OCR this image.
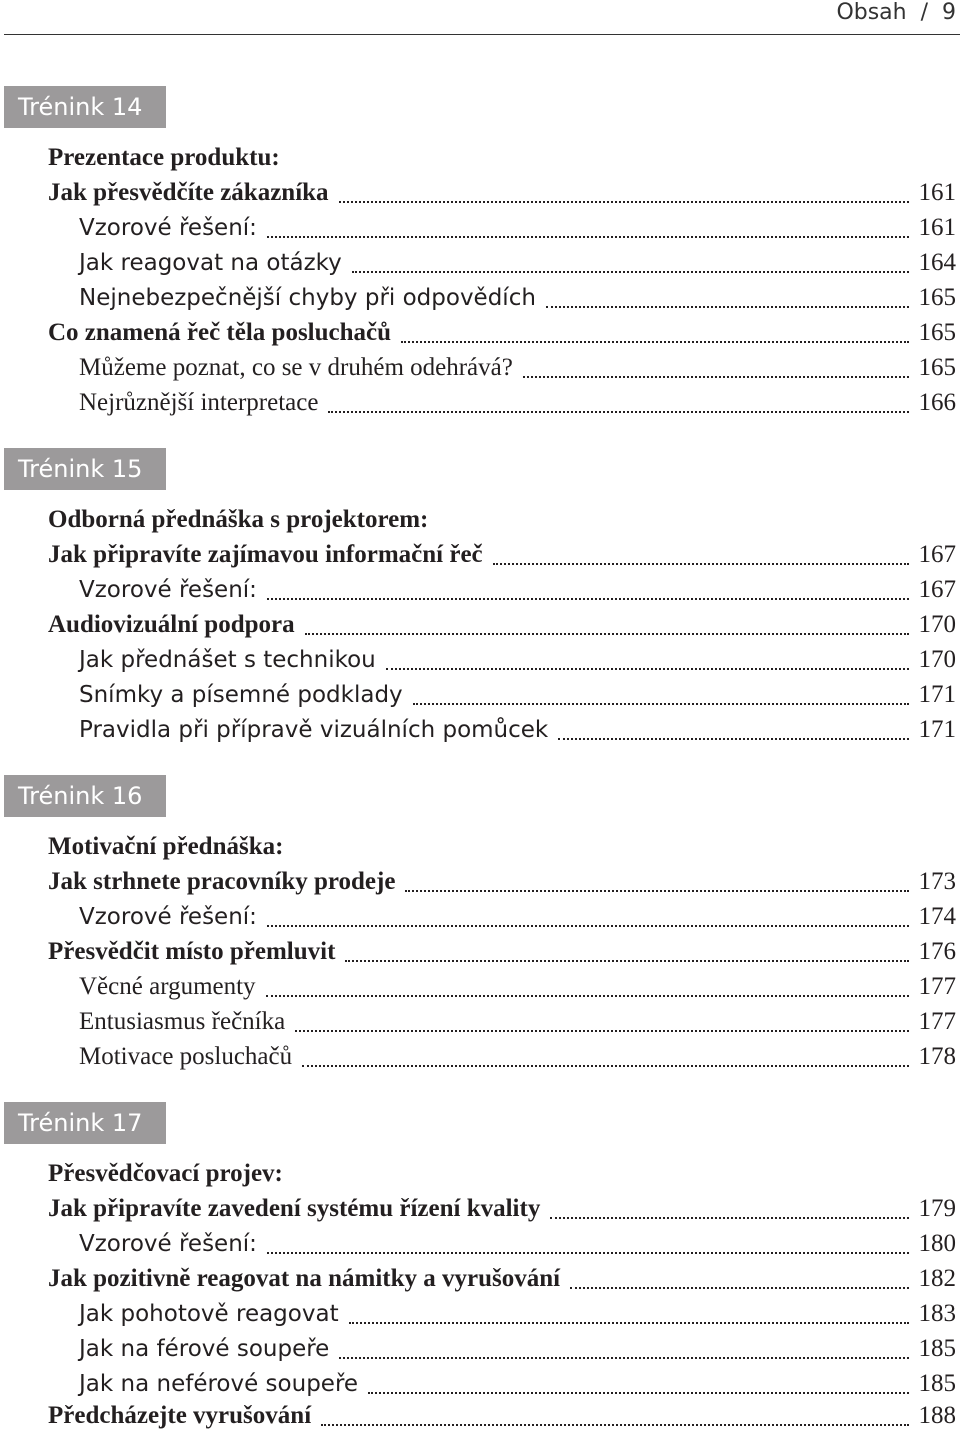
Obsah  /  9
Trénink 14
Prezentace produktu:
Jak přesvědčíte zákazníka	161
Vzorové řešení:	161
Jak reagovat na otázky	164
Nejnebezpečnější chyby při odpovědích	165
Co znamená řeč těla posluchačů	165
Můžeme poznat, co se v druhém odehrává?	165
Nejrůznější interpretace	166
Trénink 15
Odborná přednáška s projektorem:
Jak připravíte zajímavou informační řeč	167
Vzorové řešení:	167
Audiovizuální podpora	170
Jak přednášet s technikou	170
Snímky a písemné podklady	171
Pravidla při přípravě vizuálních pomůcek	171
Trénink 16
Motivační přednáška:
Jak strhnete pracovníky prodeje	173
Vzorové řešení:	174
Přesvědčit místo přemluvit	176
Věcné argumenty	177
Entusiasmus řečníka	177
Motivace posluchačů	178
Trénink 17
Přesvědčovací projev:
Jak připravíte zavedení systému řízení kvality	179
Vzorové řešení:	180
Jak pozitivně reagovat na námitky a vyrušování	182
Jak pohotově reagovat	183
Jak na férové soupeře	185
Jak na neférové soupeře	185
Předcházejte vyrušování	188
